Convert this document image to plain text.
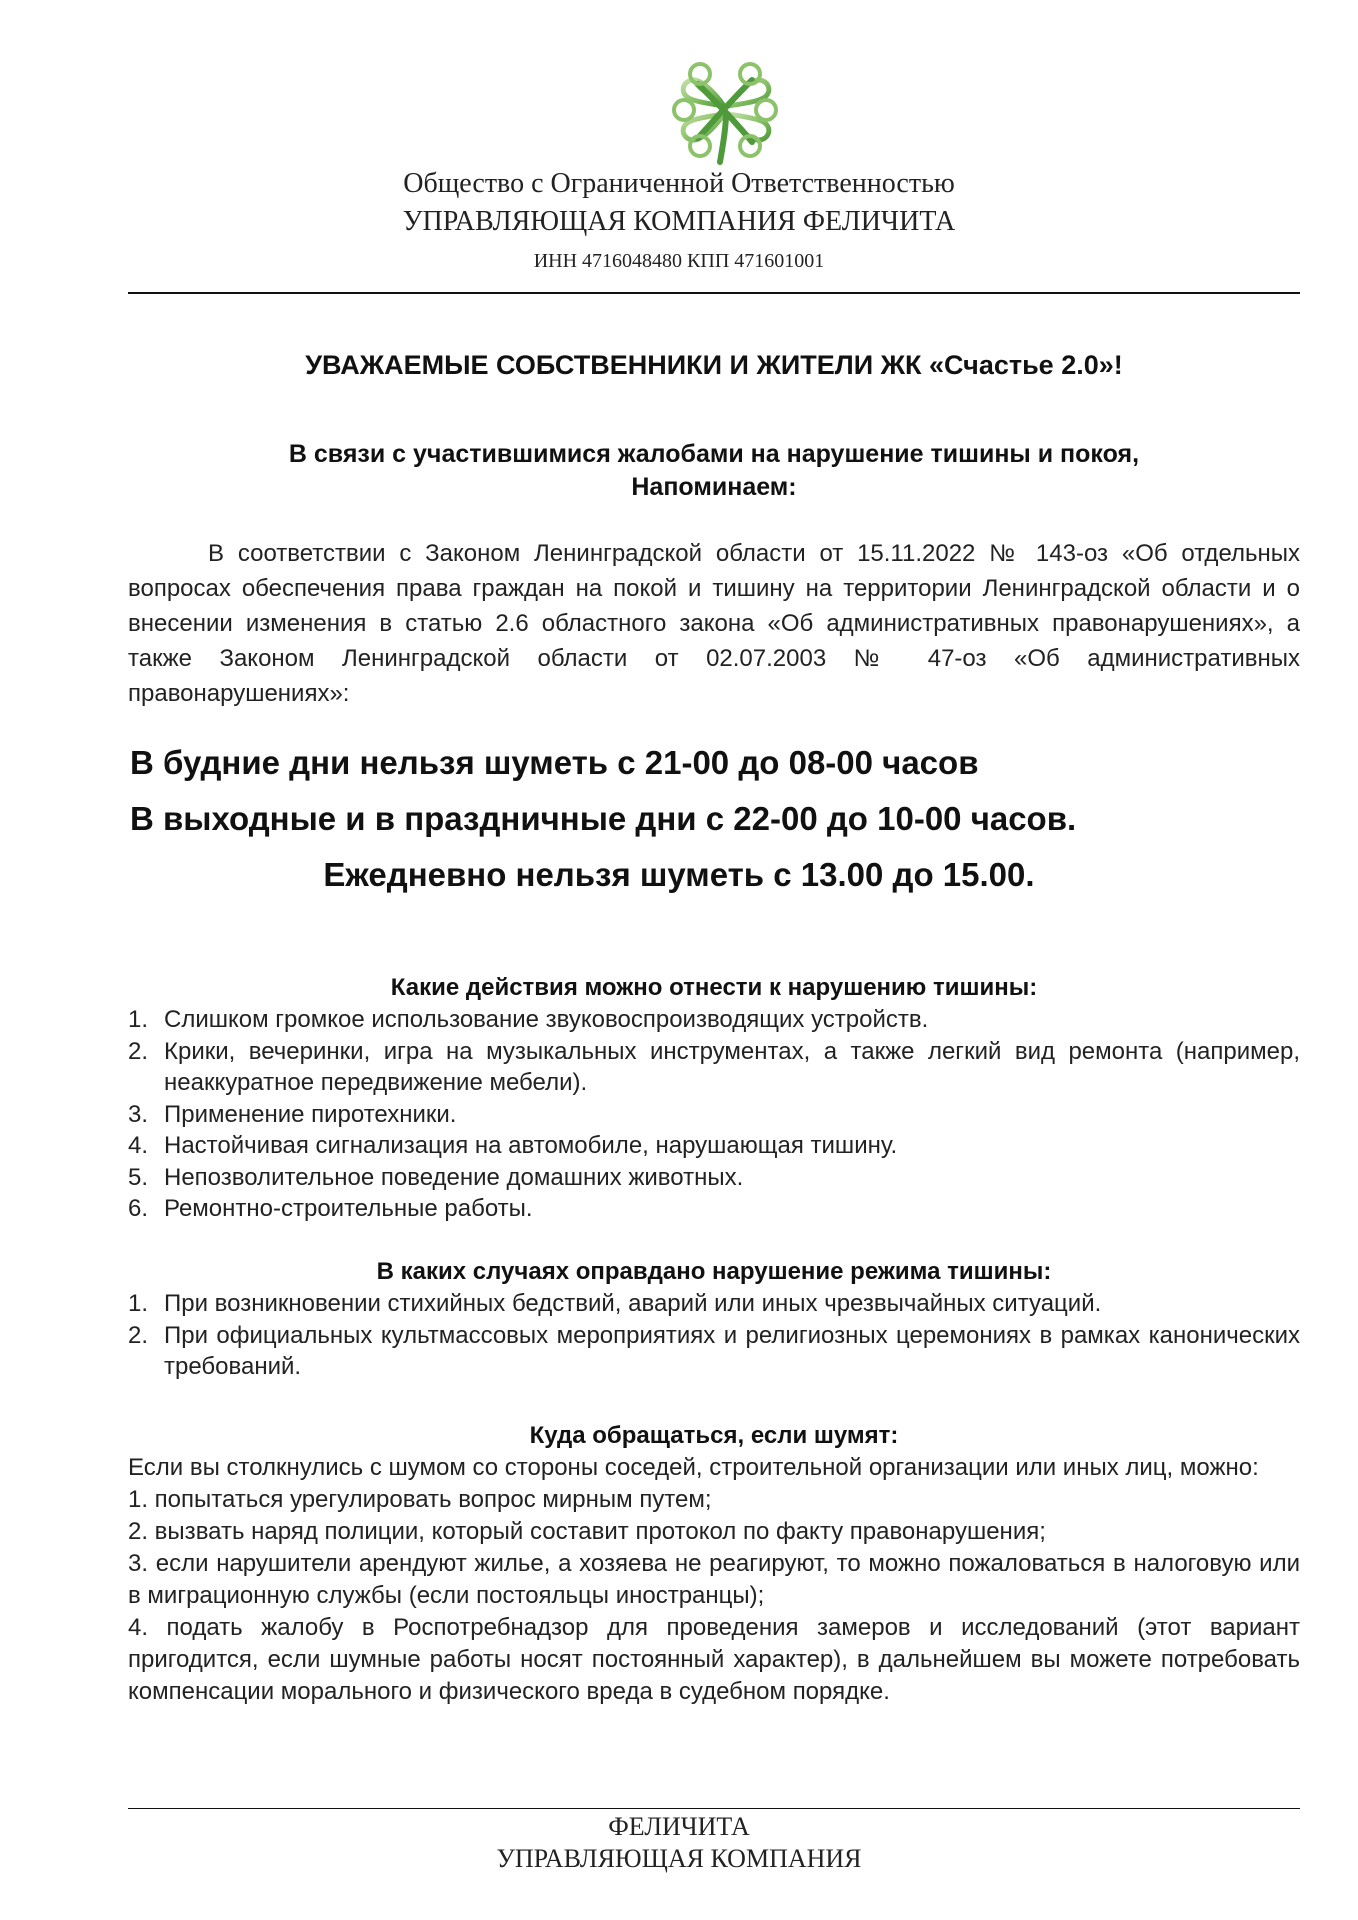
Общество с Ограниченной Ответственностью
УПРАВЛЯЮЩАЯ КОМПАНИЯ ФЕЛИЧИТА
ИНН 4716048480 КПП 471601001
УВАЖАЕМЫЕ СОБСТВЕННИКИ И ЖИТЕЛИ ЖК «Счастье 2.0»!
В связи с участившимися жалобами на нарушение тишины и покоя,
Напоминаем:
В соответствии с Законом Ленинградской области от 15.11.2022 № 143-оз «Об отдельных вопросах обеспечения права граждан на покой и тишину на территории Ленинградской области и о внесении изменения в статью 2.6 областного закона «Об административных правонарушениях», а также Законом Ленинградской области от 02.07.2003 № 47-оз «Об административных правонарушениях»:
В будние дни нельзя шуметь с 21-00 до 08-00 часов
В выходные и в праздничные дни с 22-00 до 10-00 часов.
Ежедневно нельзя шуметь с 13.00 до 15.00.
Какие действия можно отнести к нарушению тишины:
1. Слишком громкое использование звуковоспроизводящих устройств.
2. Крики, вечеринки, игра на музыкальных инструментах, а также легкий вид ремонта (например, неаккуратное передвижение мебели).
3. Применение пиротехники.
4. Настойчивая сигнализация на автомобиле, нарушающая тишину.
5. Непозволительное поведение домашних животных.
6. Ремонтно-строительные работы.
В каких случаях оправдано нарушение режима тишины:
1. При возникновении стихийных бедствий, аварий или иных чрезвычайных ситуаций.
2. При официальных культмассовых мероприятиях и религиозных церемониях в рамках канонических требований.
Куда обращаться, если шумят:

Если вы столкнулись с шумом со стороны соседей, строительной организации или иных лиц, можно:

1. попытаться урегулировать вопрос мирным путем;

2. вызвать наряд полиции, который составит протокол по факту правонарушения;

3. если нарушители арендуют жилье, а хозяева не реагируют, то можно пожаловаться в налоговую или в миграционную службы (если постояльцы иностранцы);

4. подать жалобу в Роспотребнадзор для проведения замеров и исследований (этот вариант пригодится, если шумные работы носят постоянный характер), в дальнейшем вы можете потребовать компенсации морального и физического вреда в судебном порядке.

ФЕЛИЧИТА
УПРАВЛЯЮЩАЯ КОМПАНИЯ
